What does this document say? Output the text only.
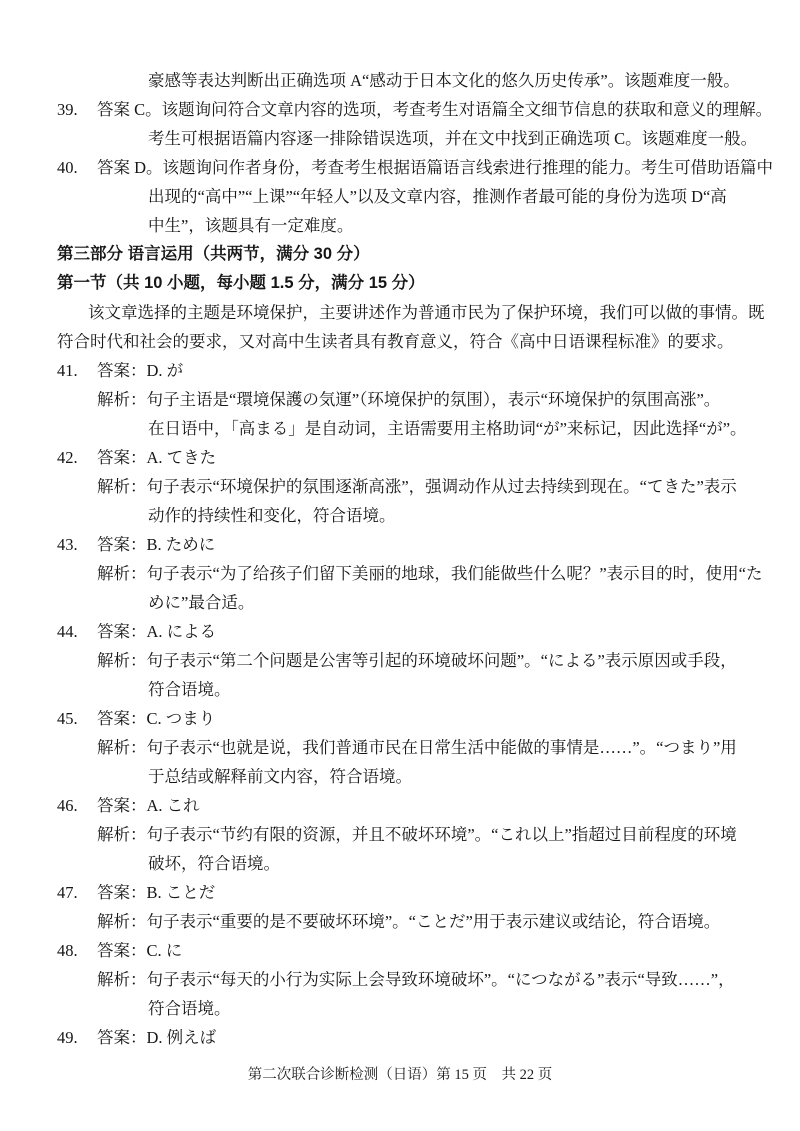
豪感等表达判断出正确选项 A“感动于日本文化的悠久历史传承”。该题难度一般。
39. 答案 C。该题询问符合文章内容的选项，考查考生对语篇全文细节信息的获取和意义的理解。
考生可根据语篇内容逐一排除错误选项，并在文中找到正确选项 C。该题难度一般。
40. 答案 D。该题询问作者身份，考查考生根据语篇语言线索进行推理的能力。考生可借助语篇中
出现的“高中”“上课”“年轻人”以及文章内容，推测作者最可能的身份为选项 D“高
中生”，该题具有一定难度。
第三部分 语言运用（共两节，满分 30 分）
第一节（共 10 小题，每小题 1.5 分，满分 15 分）
该文章选择的主题是环境保护，主要讲述作为普通市民为了保护环境，我们可以做的事情。既
符合时代和社会的要求，又对高中生读者具有教育意义，符合《高中日语课程标准》的要求。
41. 答案：D. が
解析：句子主语是“環境保護の気運”（环境保护的氛围），表示“环境保护的氛围高涨”。
在日语中，「高まる」是自动词，主语需要用主格助词“が”来标记，因此选择“が”。
42. 答案：A. てきた
解析：句子表示“环境保护的氛围逐渐高涨”，强调动作从过去持续到现在。“てきた”表示
动作的持续性和变化，符合语境。
43. 答案：B. ために
解析：句子表示“为了给孩子们留下美丽的地球，我们能做些什么呢？”表示目的时，使用“た
めに”最合适。
44. 答案：A. による
解析：句子表示“第二个问题是公害等引起的环境破坏问题”。“による”表示原因或手段，
符合语境。
45. 答案：C. つまり
解析：句子表示“也就是说，我们普通市民在日常生活中能做的事情是……”。“つまり”用
于总结或解释前文内容，符合语境。
46. 答案：A. これ
解析：句子表示“节约有限的资源，并且不破坏环境”。“これ以上”指超过目前程度的环境
破坏，符合语境。
47. 答案：B. ことだ
解析：句子表示“重要的是不要破坏环境”。“ことだ”用于表示建议或结论，符合语境。
48. 答案：C. に
解析：句子表示“每天的小行为实际上会导致环境破坏”。“につながる”表示“导致……”，
符合语境。
49. 答案：D. 例えば
第二次联合诊断检测（日语）第 15 页　共 22 页
